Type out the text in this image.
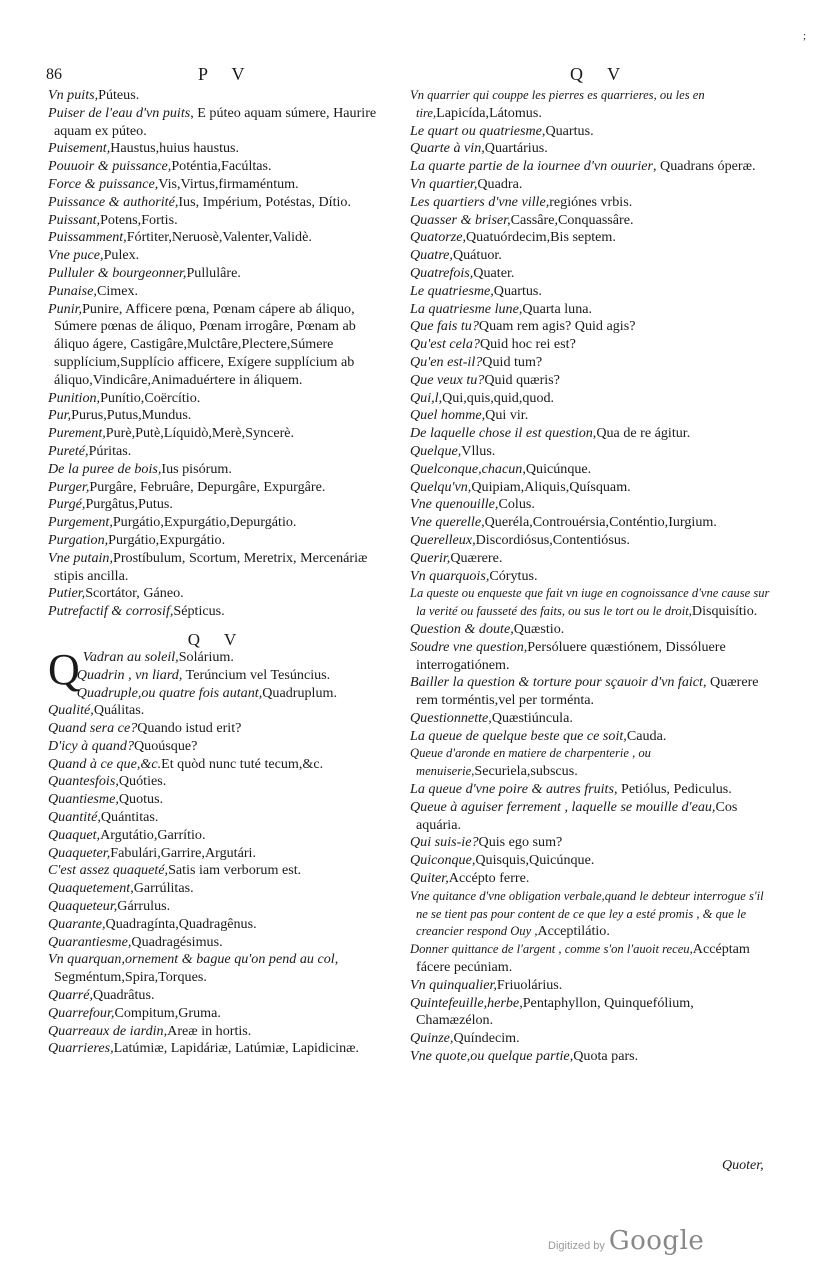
;
86	P V	Q V

Vn puits,Púteus.

Puiser de l'eau d'vn puits, E púteo aquam súmere, Haurire aquam ex púteo.

Puisement,Haustus,huius haustus.

Pouuoir & puissance,Poténtia,Facúltas.

Force & puissance,Vis,Virtus,firmaméntum.

Puissance & authorité,Ius, Impérium, Potéstas, Dítio.

Puissant,Potens,Fortis.

Puissamment,Fórtiter,Neruosè,Valenter,Validè.

Vne puce,Pulex.

Pulluler & bourgeonner,Pullulâre.

Punaise,Cimex.

Punir,Punire, Afficere pœna, Pœnam cápere ab áliquo, Súmere pœnas de áliquo, Pœnam irrogâre, Pœnam ab áliquo ágere, Castigâre,Mulctâre,Plectere,Súmere supplícium,Supplício afficere, Exígere supplícium ab áliquo,Vindicâre,Animaduértere in áliquem.

Punition,Punítio,Coërcítio.

Pur,Purus,Putus,Mundus.

Purement,Purè,Putè,Líquidò,Merè,Syncerè.

Pureté,Púritas.

De la puree de bois,Ius pisórum.

Purger,Purgâre, Februâre, Depurgâre, Expurgâre.

Purgé,Purgâtus,Putus.

Purgement,Purgátio,Expurgátio,Depurgátio.

Purgation,Purgátio,Expurgátio.

Vne putain,Prostíbulum, Scortum, Meretrix, Mercenáriæ stipis ancilla.

Putier,Scortátor, Gáneo.

Putrefactif & corrosif,Sépticus.

Q V

Q Vadran au soleil,Solárium.

Quadrin , vn liard, Terúncium vel Tesúncius.

Quadruple,ou quatre fois autant,Quadruplum.

Qualité,Quálitas.

Quand sera ce?Quando istud erit?

D'icy à quand?Quoúsque?

Quand à ce que,&c.Et quòd nunc tuté tecum,&c.

Quantesfois,Quóties.

Quantiesme,Quotus.

Quantité,Quántitas.

Quaquet,Argutátio,Garrítio.

Quaqueter,Fabulári,Garrire,Argutári.

C'est assez quaqueté,Satis iam verborum est.

Quaquetement,Garrúlitas.

Quaqueteur,Gárrulus.

Quarante,Quadragínta,Quadragênus.

Quarantiesme,Quadragésimus.

Vn quarquan,ornement & bague qu'on pend au col, Segméntum,Spira,Torques.

Quarré,Quadrâtus.

Quarrefour,Compitum,Gruma.

Quarreaux de iardin,Areæ in hortis.

Quarrieres,Latúmiæ, Lapidáriæ, Latúmiæ, Lapidicinæ.

Vn quarrier qui couppe les pierres es quarrieres, ou les en tire,Lapicída,Látomus.

Le quart ou quatriesme,Quartus.

Quarte à vin,Quartárius.

La quarte partie de la iournee d'vn ouurier, Quadrans óperæ.

Vn quartier,Quadra.

Les quartiers d'vne ville,regiónes vrbis.

Quasser & briser,Cassâre,Conquassâre.

Quatorze,Quatuórdecim,Bis septem.

Quatre,Quátuor.

Quatrefois,Quater.

Le quatriesme,Quartus.

La quatriesme lune,Quarta luna.

Que fais tu?Quam rem agis? Quid agis?

Qu'est cela?Quid hoc rei est?

Qu'en est-il?Quid tum?

Que veux tu?Quid quæris?

Qui,l,Qui,quis,quid,quod.

Quel homme,Qui vir.

De laquelle chose il est question,Qua de re ágitur.

Quelque,Vllus.

Quelconque,chacun,Quicúnque.

Quelqu'vn,Quipiam,Aliquis,Quísquam.

Vne quenouille,Colus.

Vne querelle,Queréla,Controuérsia,Conténtio,Iurgium.

Querelleux,Discordiósus,Contentiósus.

Querir,Quærere.

Vn quarquois,Córytus.

La queste ou enqueste que fait vn iuge en cognoissance d'vne cause sur la verité ou fausseté des faits, ou sus le tort ou le droit,Disquisítio.

Question & doute,Quæstio.

Soudre vne question,Persóluere quæstiónem, Dissóluere interrogatiónem.

Bailler la question & torture pour sçauoir d'vn faict, Quærere rem torméntis,vel per torménta.

Questionnette,Quæstiúncula.

La queue de quelque beste que ce soit,Cauda.

Queue d'aronde en matiere de charpenterie , ou menuiserie,Securiela,subscus.

La queue d'vne poire & autres fruits, Petiólus, Pediculus.

Queue à aguiser ferrement , laquelle se mouille d'eau,Cos aquária.

Qui suis-ie?Quis ego sum?

Quiconque,Quisquis,Quicúnque.

Quiter,Accépto ferre.

Vne quitance d'vne obligation verbale,quand le debteur interrogue s'il ne se tient pas pour content de ce que ley a esté promis , & que le creancier respond Ouy ,Acceptilátio.

Donner quittance de l'argent , comme s'on l'auoit receu,Accéptam fácere pecúniam.

Vn quinqualier,Friuolárius.

Quintefeuille,herbe,Pentaphyllon, Quinquefólium, Chamæzélon.

Quinze,Quíndecim.

Vne quote,ou quelque partie,Quota pars.

Quoter,
Digitized by Google
